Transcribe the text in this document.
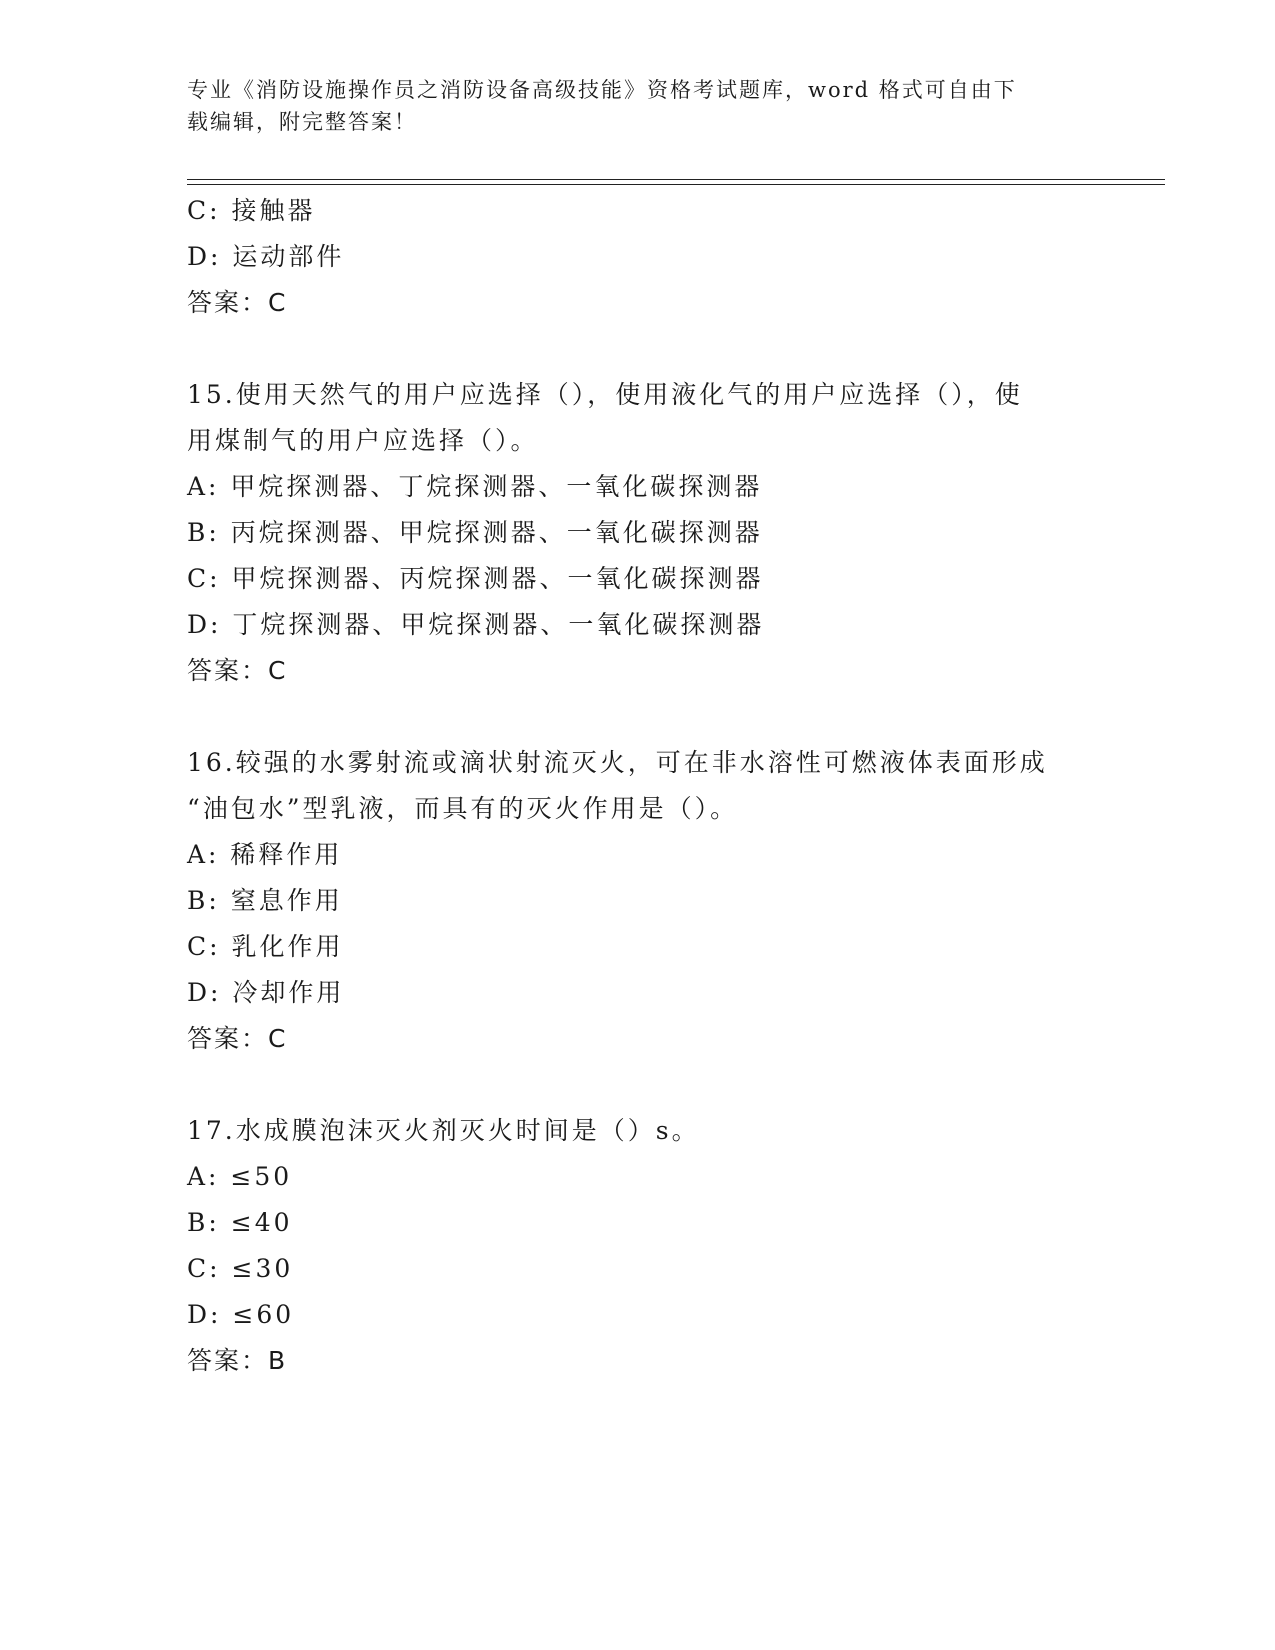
专业《消防设施操作员之消防设备高级技能》资格考试题库，word 格式可自由下
载编辑，附完整答案！
C: 接触器
D: 运动部件
答案：C
15.使用天然气的用户应选择（），使用液化气的用户应选择（），使
用煤制气的用户应选择（）。
A: 甲烷探测器、丁烷探测器、一氧化碳探测器
B: 丙烷探测器、甲烷探测器、一氧化碳探测器
C: 甲烷探测器、丙烷探测器、一氧化碳探测器
D: 丁烷探测器、甲烷探测器、一氧化碳探测器
答案：C
16.较强的水雾射流或滴状射流灭火，可在非水溶性可燃液体表面形成
“油包水”型乳液，而具有的灭火作用是（）。
A: 稀释作用
B: 窒息作用
C: 乳化作用
D: 冷却作用
答案：C
17.水成膜泡沫灭火剂灭火时间是（）s。
A: ≤50
B: ≤40
C: ≤30
D: ≤60
答案：B
